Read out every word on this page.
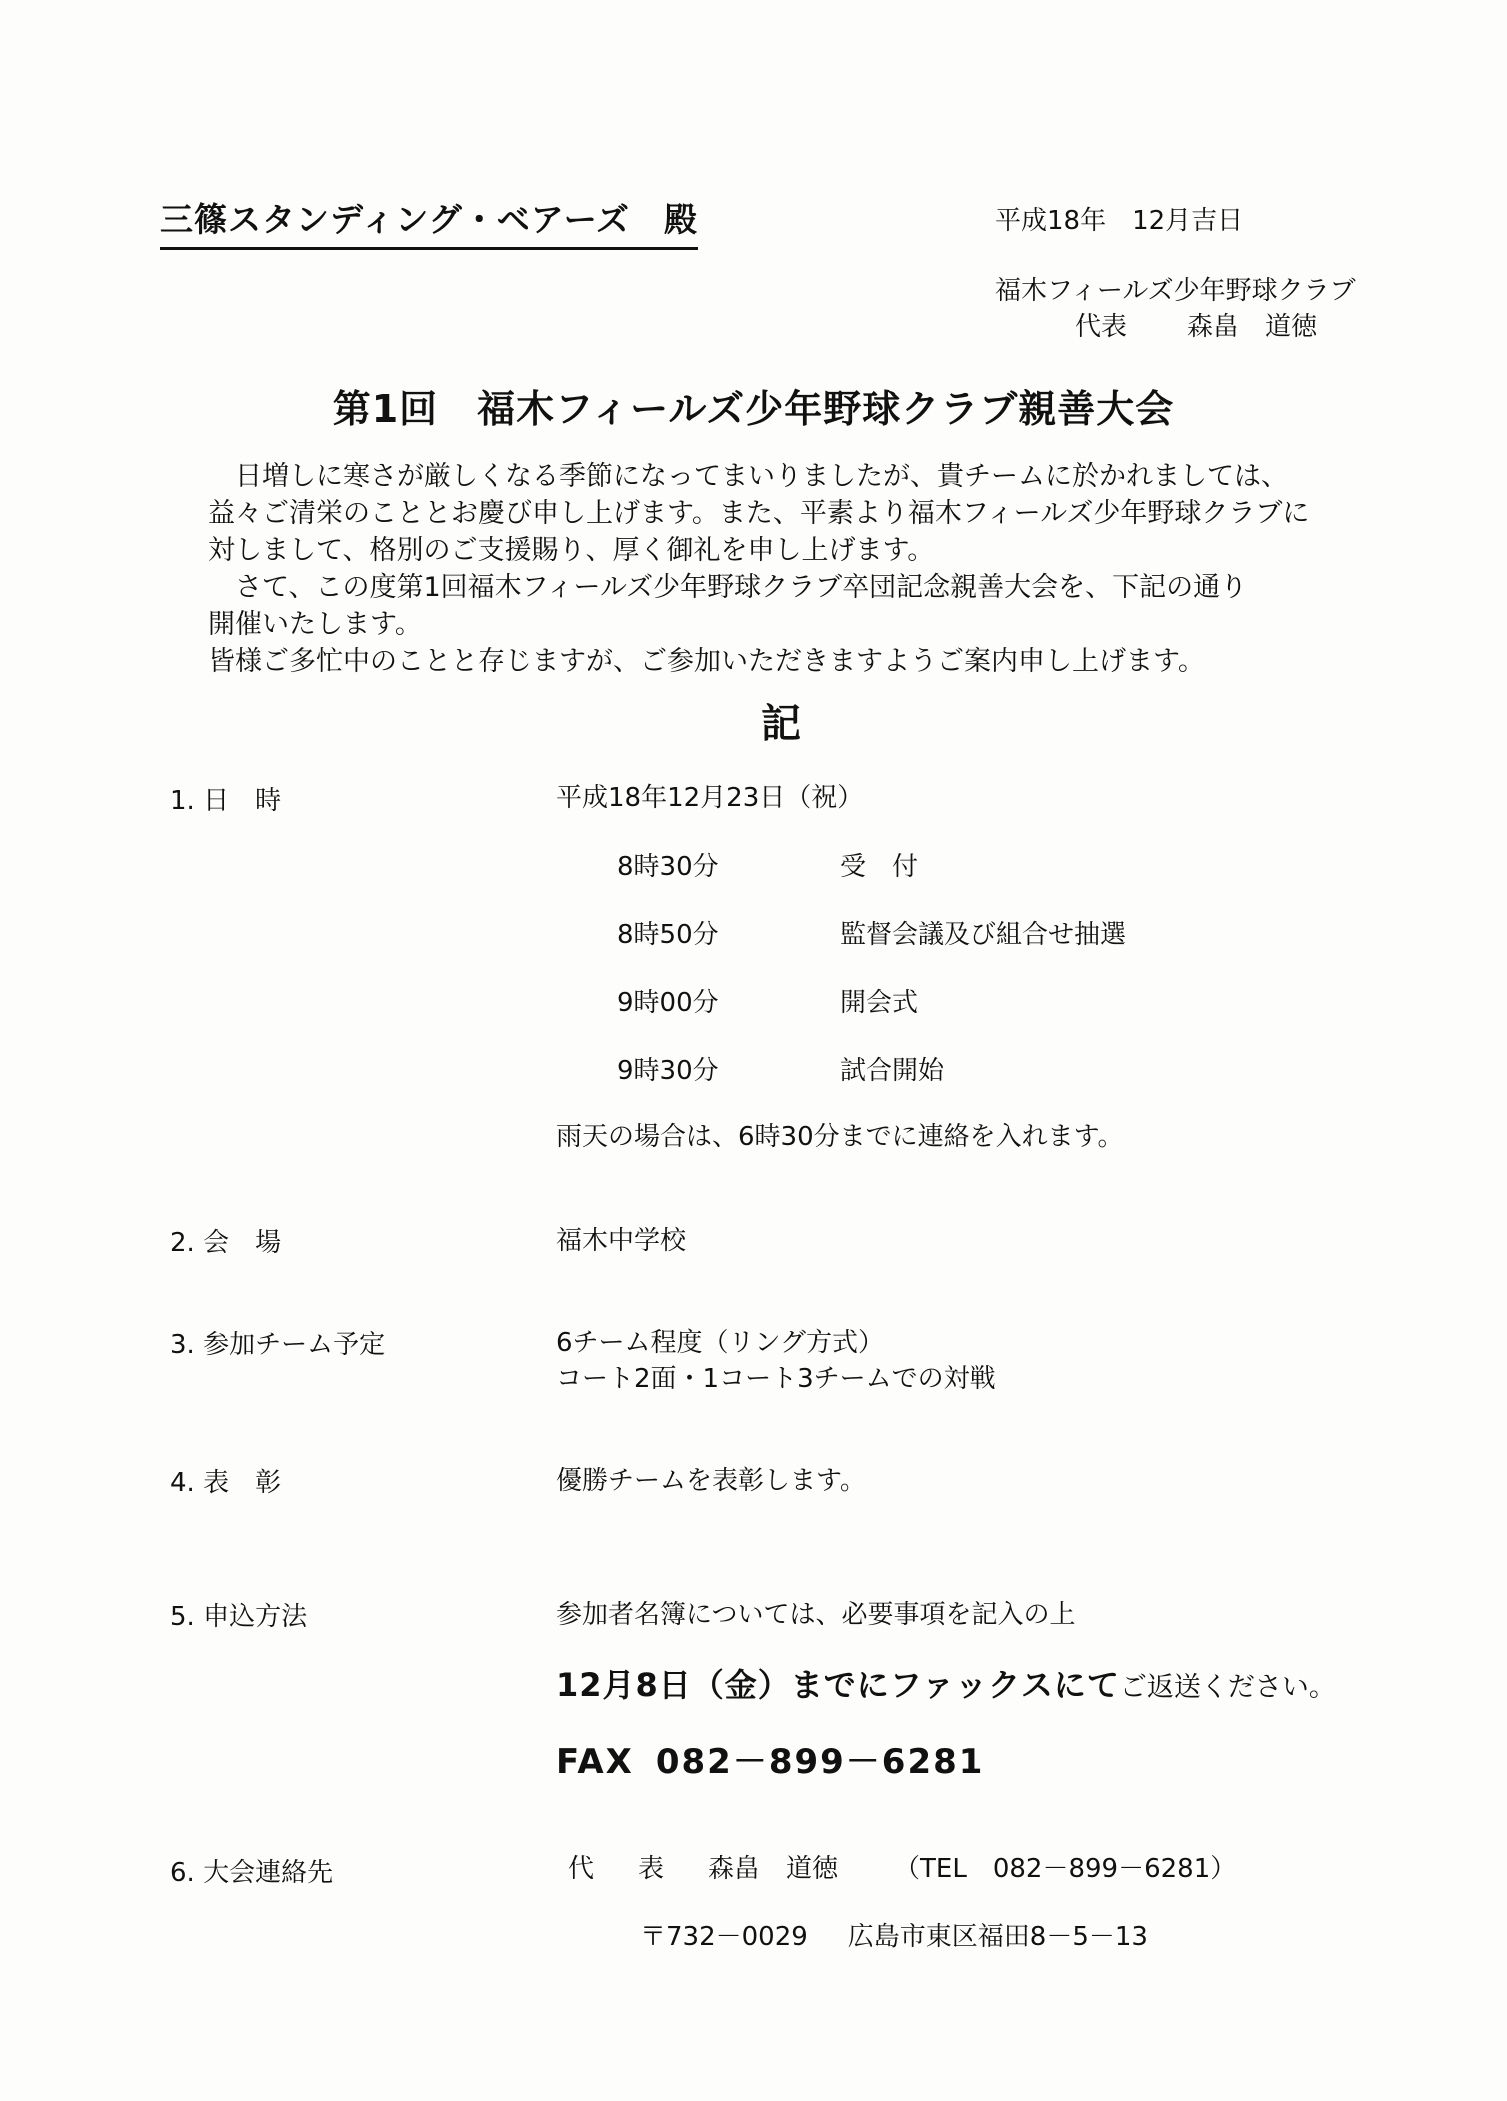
三篠スタンディング・ベアーズ　殿	平成18年　12月吉日
福木フィールズ少年野球クラブ
代表 森畠　道徳
第1回　福木フィールズ少年野球クラブ親善大会

　日増しに寒さが厳しくなる季節になってまいりましたが、貴チームに於かれましては、

益々ご清栄のこととお慶び申し上げます。また、平素より福木フィールズ少年野球クラブに

対しまして、格別のご支援賜り、厚く御礼を申し上げます。

　さて、この度第1回福木フィールズ少年野球クラブ卒団記念親善大会を、下記の通り

開催いたします。

皆様ご多忙中のことと存じますが、ご参加いただきますようご案内申し上げます。

記
1. 日　時	平成18年12月23日（祝）
8時30分	受　付
8時50分	監督会議及び組合せ抽選
9時00分	開会式
9時30分	試合開始
雨天の場合は、6時30分までに連絡を入れます。
2. 会　場	福木中学校
3. 参加チーム予定	6チーム程度（リング方式）
コート2面・1コート3チームでの対戦
4. 表　彰	優勝チームを表彰します。
5. 申込方法	参加者名簿については、必要事項を記入の上
12月8日（金）までにファックスにてご返送ください。
FAX 082－899－6281
6. 大会連絡先	代 表 森畠　道徳 （TEL　082－899－6281）
〒732－0029 広島市東区福田8－5－13
